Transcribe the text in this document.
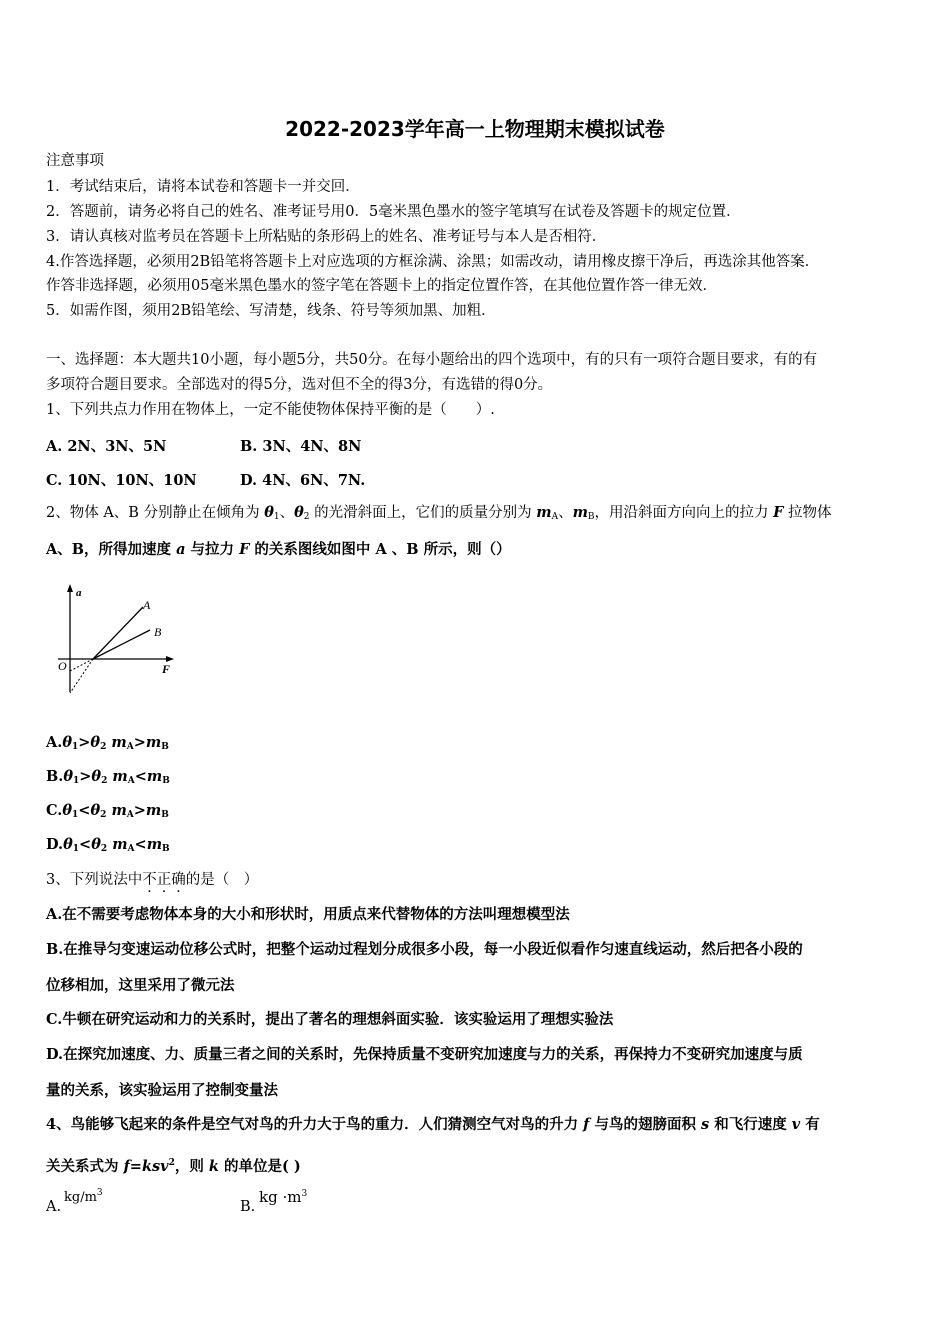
2022-2023学年高一上物理期末模拟试卷
注意事项
1．考试结束后，请将本试卷和答题卡一并交回．
2．答题前，请务必将自己的姓名、准考证号用0．5毫米黑色墨水的签字笔填写在试卷及答题卡的规定位置．
3．请认真核对监考员在答题卡上所粘贴的条形码上的姓名、准考证号与本人是否相符．
4.作答选择题，必须用2B铅笔将答题卡上对应选项的方框涂满、涂黑；如需改动，请用橡皮擦干净后，再选涂其他答案．
作答非选择题，必须用05毫米黑色墨水的签字笔在答题卡上的指定位置作答，在其他位置作答一律无效．
5．如需作图，须用2B铅笔绘、写清楚，线条、符号等须加黑、加粗．
一、选择题：本大题共10小题，每小题5分，共50分。在每小题给出的四个选项中，有的只有一项符合题目要求，有的有
多项符合题目要求。全部选对的得5分，选对但不全的得3分，有选错的得0分。
1、下列共点力作用在物体上，一定不能使物体保持平衡的是（　　）.
A. 2N、3N、5N	B. 3N、4N、8N
C. 10N、10N、10N	D. 4N、6N、7N.
2、物体 A、B 分别静止在倾角为 $\theta_1$、$\theta_2$ 的光滑斜面上，它们的质量分别为 $m_A$、$m_B$，用沿斜面方向向上的拉力 F 拉物体
A、B，所得加速度 a 与拉力 F 的关系图线如图中 A 、B 所示，则（）
a
F
O
A
B
$A.\theta_1>\theta_2$ $m_A>m_B$
$B.\theta_1>\theta_2$ $m_A<m_B$
$C.\theta_1<\theta_2$ $m_A>m_B$
$D.\theta_1<\theta_2$ $m_A<m_B$
3、下列说法中不正确的是（　）
A.在不需要考虑物体本身的大小和形状时，用质点来代替物体的方法叫理想模型法
B.在推导匀变速运动位移公式时，把整个运动过程划分成很多小段，每一小段近似看作匀速直线运动，然后把各小段的
位移相加，这里采用了微元法
C.牛顿在研究运动和力的关系时，提出了著名的理想斜面实验．该实验运用了理想实验法
D.在探究加速度、力、质量三者之间的关系时，先保持质量不变研究加速度与力的关系，再保持力不变研究加速度与质
量的关系，该实验运用了控制变量法
4、鸟能够飞起来的条件是空气对鸟的升力大于鸟的重力．人们猜测空气对鸟的升力 f 与鸟的翅膀面积 s 和飞行速度 v 有
关关系式为 f=ksv$^2$，则 k 的单位是( )
A.
$kg/m^3$
B.
kg $\cdot m^3$
